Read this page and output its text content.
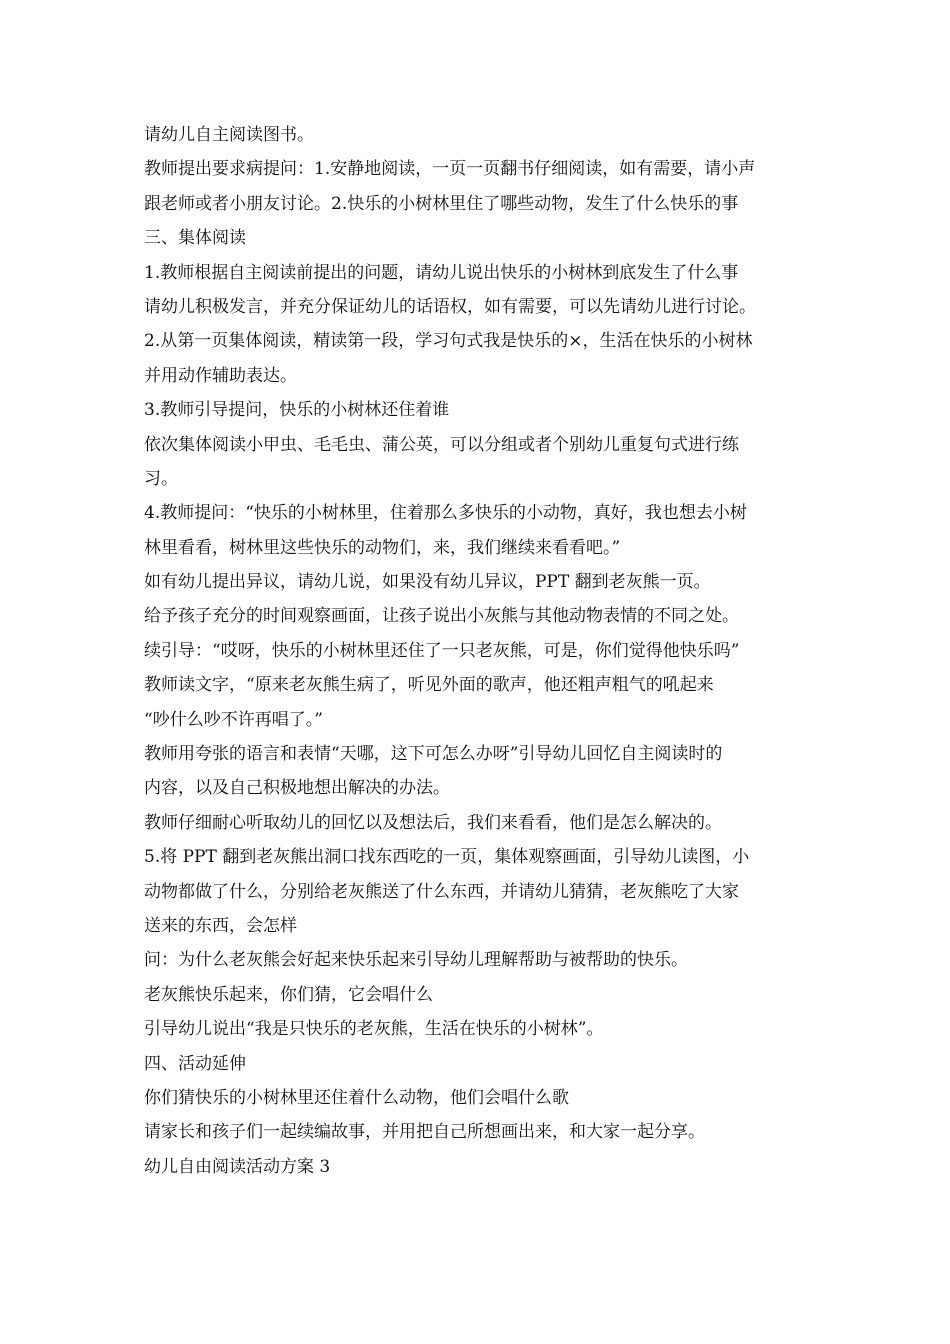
请幼儿自主阅读图书。
教师提出要求病提问：1.安静地阅读，一页一页翻书仔细阅读，如有需要，请小声
跟老师或者小朋友讨论。2.快乐的小树林里住了哪些动物，发生了什么快乐的事
三、集体阅读
1.教师根据自主阅读前提出的问题，请幼儿说出快乐的小树林到底发生了什么事
请幼儿积极发言，并充分保证幼儿的话语权，如有需要，可以先请幼儿进行讨论。
2.从第一页集体阅读，精读第一段，学习句式我是快乐的×，生活在快乐的小树林
并用动作辅助表达。
3.教师引导提问，快乐的小树林还住着谁
依次集体阅读小甲虫、毛毛虫、蒲公英，可以分组或者个别幼儿重复句式进行练
习。
4.教师提问：“快乐的小树林里，住着那么多快乐的小动物，真好，我也想去小树
林里看看，树林里这些快乐的动物们，来，我们继续来看看吧。”
如有幼儿提出异议，请幼儿说，如果没有幼儿异议，PPT 翻到老灰熊一页。
给予孩子充分的时间观察画面，让孩子说出小灰熊与其他动物表情的不同之处。
续引导：“哎呀，快乐的小树林里还住了一只老灰熊，可是，你们觉得他快乐吗”
教师读文字，“原来老灰熊生病了，听见外面的歌声，他还粗声粗气的吼起来
“吵什么吵不许再唱了。”
教师用夸张的语言和表情“天哪，这下可怎么办呀”引导幼儿回忆自主阅读时的
内容，以及自己积极地想出解决的办法。
教师仔细耐心听取幼儿的回忆以及想法后，我们来看看，他们是怎么解决的。
5.将 PPT 翻到老灰熊出洞口找东西吃的一页，集体观察画面，引导幼儿读图，小
动物都做了什么，分别给老灰熊送了什么东西，并请幼儿猜猜，老灰熊吃了大家
送来的东西，会怎样
问：为什么老灰熊会好起来快乐起来引导幼儿理解帮助与被帮助的快乐。
老灰熊快乐起来，你们猜，它会唱什么
引导幼儿说出“我是只快乐的老灰熊，生活在快乐的小树林”。
四、活动延伸
你们猜快乐的小树林里还住着什么动物，他们会唱什么歌
请家长和孩子们一起续编故事，并用把自己所想画出来，和大家一起分享。
幼儿自由阅读活动方案 3
